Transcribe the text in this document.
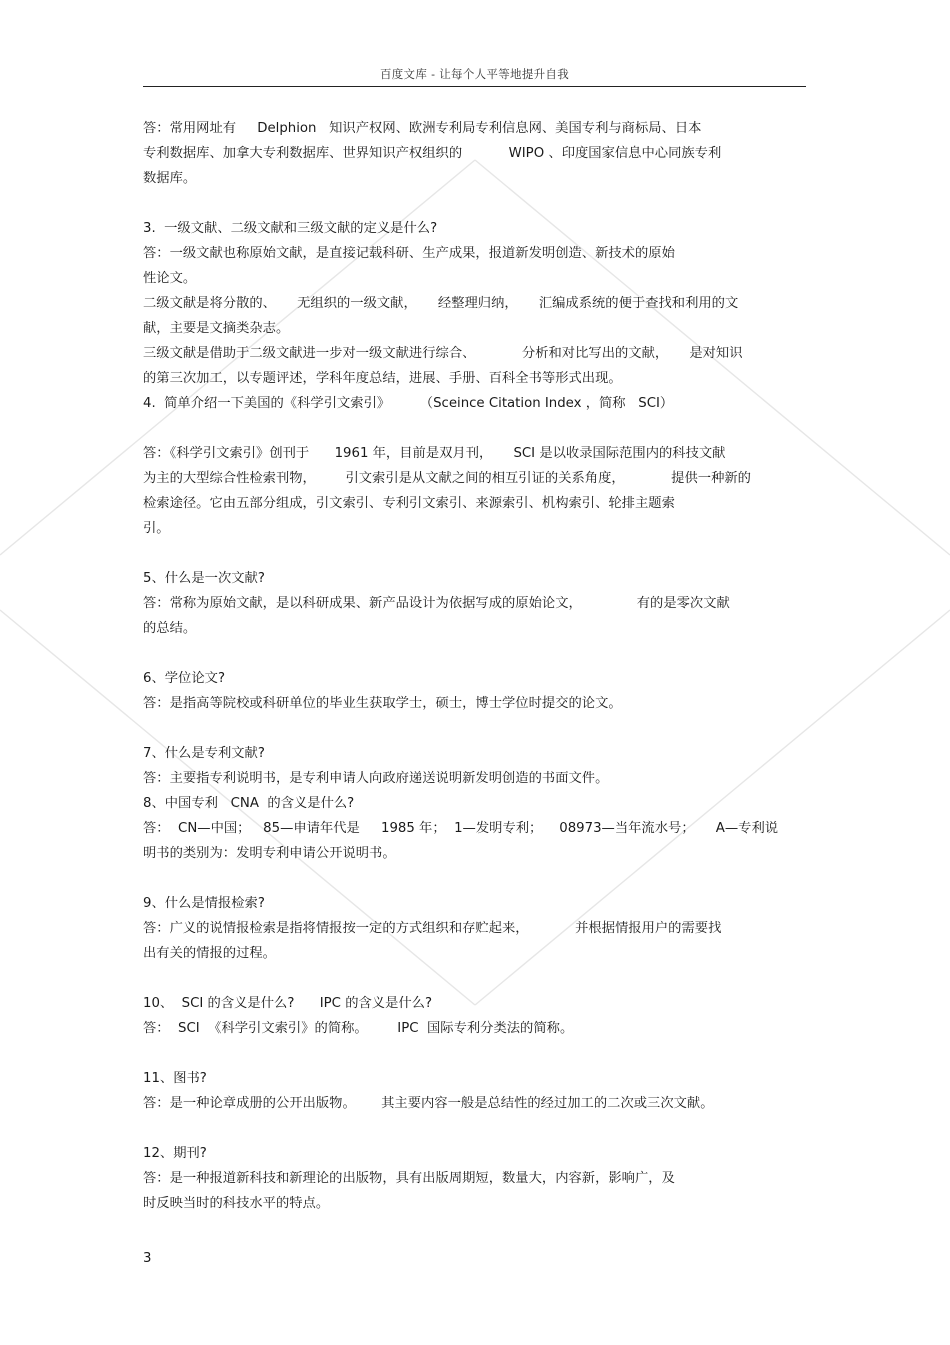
百度文库 - 让每个人平等地提升自我

答：常用网址有     Delphion   知识产权网、欧洲专利局专利信息网、美国专利与商标局、日本

专利数据库、加拿大专利数据库、世界知识产权组织的           WIPO 、印度国家信息中心同族专利

数据库。

3.  一级文献、二级文献和三级文献的定义是什么?

答：一级文献也称原始文献，是直接记载科研、生产成果，报道新发明创造、新技术的原始

性论文。

二级文献是将分散的、     无组织的一级文献，     经整理归纳，     汇编成系统的便于查找和利用的文

献，主要是文摘类杂志。

三级文献是借助于二级文献进一步对一级文献进行综合、           分析和对比写出的文献，     是对知识

的第三次加工，以专题评述，学科年度总结，进展、手册、百科全书等形式出现。

4.  简单介绍一下美国的《科学引文索引》       （Sceince Citation Index ，简称   SCI）

答：《科学引文索引》创刊于      1961 年，目前是双月刊，     SCI 是以收录国际范围内的科技文献

为主的大型综合性检索刊物，       引文索引是从文献之间的相互引证的关系角度，           提供一种新的

检索途径。它由五部分组成，引文索引、专利引文索引、来源索引、机构索引、轮排主题索

引。

5、什么是一次文献?

答：常称为原始文献，是以科研成果、新产品设计为依据写成的原始论文，             有的是零次文献

的总结。

6、学位论文?

答：是指高等院校或科研单位的毕业生获取学士，硕士，博士学位时提交的论文。

7、什么是专利文献?

答：主要指专利说明书，是专利申请人向政府递送说明新发明创造的书面文件。

8、中国专利   CNA  的含义是什么?

答：  CN—中国；   85—申请年代是     1985 年；  1—发明专利；    08973—当年流水号；     A—专利说

明书的类别为：发明专利申请公开说明书。

9、什么是情报检索?

答：广义的说情报检索是指将情报按一定的方式组织和存贮起来，           并根据情报用户的需要找

出有关的情报的过程。

10、  SCI 的含义是什么?      IPC 的含义是什么?

答：  SCI  《科学引文索引》的简称。       IPC  国际专利分类法的简称。

11、图书?

答：是一种论章成册的公开出版物。      其主要内容一般是总结性的经过加工的二次或三次文献。

12、期刊?

答：是一种报道新科技和新理论的出版物，具有出版周期短，数量大，内容新，影响广，及

时反映当时的科技水平的特点。

3
